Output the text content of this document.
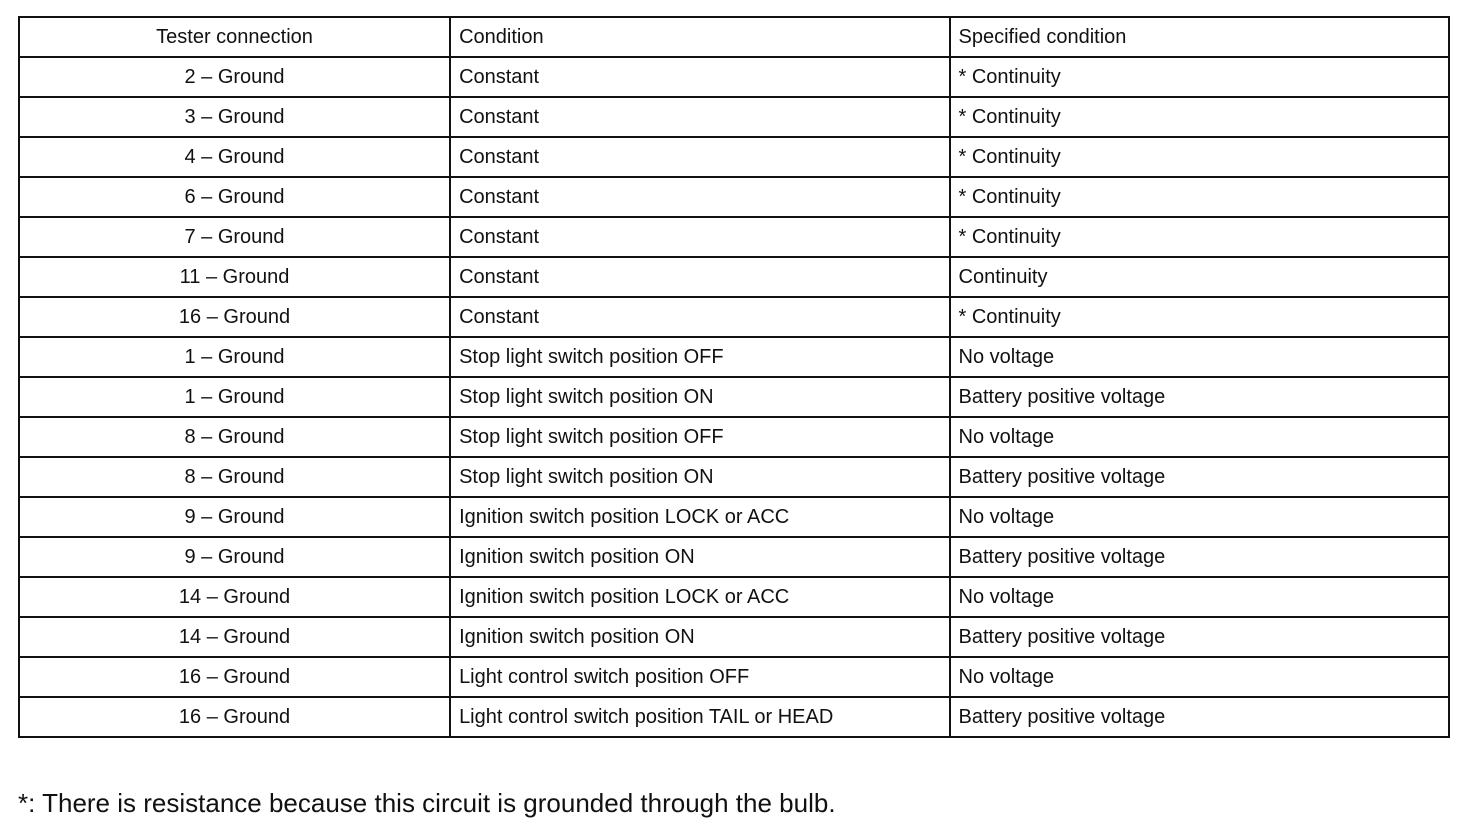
Tester connection	Condition	Specified condition
2 – Ground	Constant	* Continuity
3 – Ground	Constant	* Continuity
4 – Ground	Constant	* Continuity
6 – Ground	Constant	* Continuity
7 – Ground	Constant	* Continuity
11 – Ground	Constant	Continuity
16 – Ground	Constant	* Continuity
1 – Ground	Stop light switch position OFF	No voltage
1 – Ground	Stop light switch position ON	Battery positive voltage
8 – Ground	Stop light switch position OFF	No voltage
8 – Ground	Stop light switch position ON	Battery positive voltage
9 – Ground	Ignition switch position LOCK or ACC	No voltage
9 – Ground	Ignition switch position ON	Battery positive voltage
14 – Ground	Ignition switch position LOCK or ACC	No voltage
14 – Ground	Ignition switch position ON	Battery positive voltage
16 – Ground	Light control switch position OFF	No voltage
16 – Ground	Light control switch position TAIL or HEAD	Battery positive voltage
*: There is resistance because this circuit is grounded through the bulb.
